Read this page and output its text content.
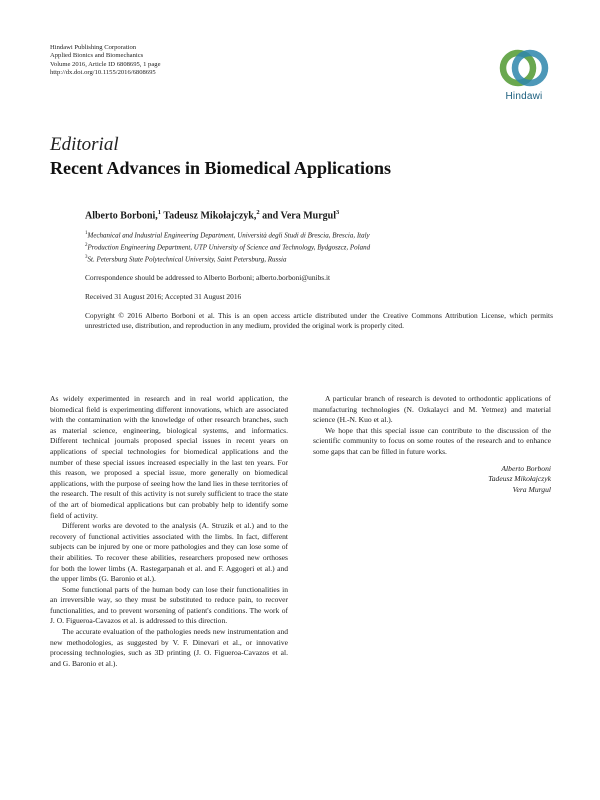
Hindawi Publishing Corporation
Applied Bionics and Biomechanics
Volume 2016, Article ID 6808695, 1 page
http://dx.doi.org/10.1155/2016/6808695
Hindawi
Editorial
Recent Advances in Biomedical Applications
Alberto Borboni,$^1$ Tadeusz Mikołajczyk,$^2$ and Vera Murgul$^3$
$^1$Mechanical and Industrial Engineering Department, Università degli Studi di Brescia, Brescia, Italy
$^2$Production Engineering Department, UTP University of Science and Technology, Bydgoszcz, Poland
$^3$St. Petersburg State Polytechnical University, Saint Petersburg, Russia
Correspondence should be addressed to Alberto Borboni; alberto.borboni@unibs.it
Received 31 August 2016; Accepted 31 August 2016
Copyright © 2016 Alberto Borboni et al. This is an open access article distributed under the Creative Commons Attribution License, which permits unrestricted use, distribution, and reproduction in any medium, provided the original work is properly cited.

As widely experimented in research and in real world application, the biomedical field is experimenting different innovations, which are associated with the contamination with the knowledge of other research branches, such as material science, engineering, biological systems, and informatics. Different technical journals proposed special issues in recent years on applications of special technologies for biomedical applications and the number of these special issues increased especially in the last ten years. For this reason, we proposed a special issue, more generally on biomedical applications, with the purpose of seeing how the land lies in these territories of the research. The result of this activity is not surely sufficient to trace the state of the art of biomedical applications but can probably help to identify some field of activity.

Different works are devoted to the analysis (A. Struzik et al.) and to the recovery of functional activities associated with the limbs. In fact, different subjects can be injured by one or more pathologies and they can lose some of their abilities. To recover these abilities, researchers proposed new orthoses for both the lower limbs (A. Rastegarpanah et al. and F. Aggogeri et al.) and the upper limbs (G. Baronio et al.).

Some functional parts of the human body can lose their functionalities in an irreversible way, so they must be substituted to reduce pain, to recover functionalities, and to prevent worsening of patient's conditions. The work of J. O. Figueroa-Cavazos et al. is addressed to this direction.

The accurate evaluation of the pathologies needs new instrumentation and new methodologies, as suggested by V. F. Dinevari et al., or innovative processing technologies, such as 3D printing (J. O. Figueroa-Cavazos et al. and G. Baronio et al.).

A particular branch of research is devoted to orthodontic applications of manufacturing technologies (N. Ozkalayci and M. Yetmez) and material science (H.-N. Kuo et al.).

We hope that this special issue can contribute to the discussion of the scientific community to focus on some routes of the research and to enhance some gaps that can be filled in future works.

Alberto Borboni
Tadeusz Mikołajczyk
Vera Murgul
